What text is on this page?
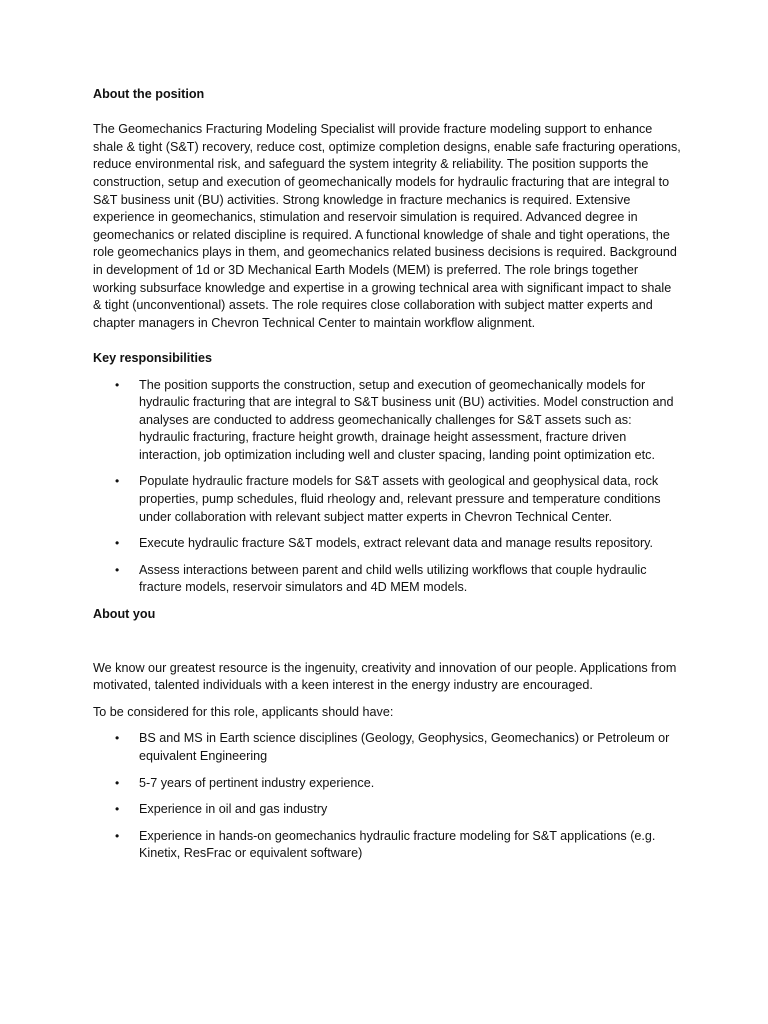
About the position

The Geomechanics Fracturing Modeling Specialist will provide fracture modeling support to enhance shale & tight (S&T) recovery, reduce cost, optimize completion designs, enable safe fracturing operations, reduce environmental risk, and safeguard the system integrity & reliability. The position supports the construction, setup and execution of geomechanically models for hydraulic fracturing that are integral to S&T business unit (BU) activities. Strong knowledge in fracture mechanics is required. Extensive experience in geomechanics, stimulation and reservoir simulation is required. Advanced degree in geomechanics or related discipline is required. A functional knowledge of shale and tight operations, the role geomechanics plays in them, and geomechanics related business decisions is required. Background in development of 1d or 3D Mechanical Earth Models (MEM) is preferred. The role brings together working subsurface knowledge and expertise in a growing technical area with significant impact to shale & tight (unconventional) assets. The role requires close collaboration with subject matter experts and chapter managers in Chevron Technical Center to maintain workflow alignment.

Key responsibilities

• The position supports the construction, setup and execution of geomechanically models for hydraulic fracturing that are integral to S&T business unit (BU) activities. Model construction and analyses are conducted to address geomechanically challenges for S&T assets such as: hydraulic fracturing, fracture height growth, drainage height assessment, fracture driven interaction, job optimization including well and cluster spacing, landing point optimization etc.
• Populate hydraulic fracture models for S&T assets with geological and geophysical data, rock properties, pump schedules, fluid rheology and, relevant pressure and temperature conditions under collaboration with relevant subject matter experts in Chevron Technical Center.
• Execute hydraulic fracture S&T models, extract relevant data and manage results repository.
• Assess interactions between parent and child wells utilizing workflows that couple hydraulic fracture models, reservoir simulators and 4D MEM models.

About you

We know our greatest resource is the ingenuity, creativity and innovation of our people. Applications from motivated, talented individuals with a keen interest in the energy industry are encouraged.

To be considered for this role, applicants should have:

• BS and MS in Earth science disciplines (Geology, Geophysics, Geomechanics) or Petroleum or equivalent Engineering
• 5-7 years of pertinent industry experience.
• Experience in oil and gas industry
• Experience in hands-on geomechanics hydraulic fracture modeling for S&T applications (e.g. Kinetix, ResFrac or equivalent software)
